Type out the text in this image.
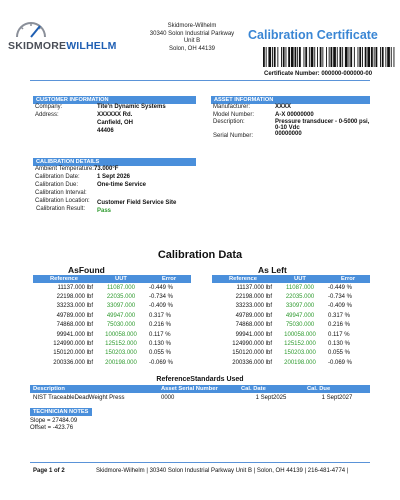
SKIDMOREWILHELM
Skidmore-Wilhelm
30340 Solon Industrial Parkway
Unit B
Solon, OH 44139
Calibration Certificate
Certificate Number: 000000-000000-00
CUSTOMER INFORMATION
Company:	Tite'n Dynamic Systems
Address:	XXXXXX Rd.
Canfield, OH
44406
ASSET INFORMATION
Manufacturer:	XXXX
Model Number:	A-X 00000000
Description:	Pressure transducer - 0-5000 psi,
0-10 Vdc
Serial Number:	00000000
CALIBRATION DETAILS
Ambient Temperature: 73.000°F
Calibration Date:	1 Sept 2026
Calibration Due:	One-time Service
Calibration Interval:
Calibration Location: Customer Field Service Site
Calibration Result: Pass
Calibration Data
AsFound	As Left
Reference	UUT	Error
11137.000 lbf	11087.000	-0.449 %
22198.000 lbf	22035.000	-0.734 %
33233.000 lbf	33097.000	-0.409 %
49789.000 lbf	49947.000	0.317 %
74868.000 lbf	75030.000	0.216 %
99941.000 lbf	100058.000	0.117 %
124990.000 lbf	125152.000	0.130 %
150120.000 lbf	150203.000	0.055 %
200336.000 lbf	200198.000	-0.069 %
Reference	UUT	Error
11137.000 lbf	11087.000	-0.449 %
22198.000 lbf	22035.000	-0.734 %
33233.000 lbf	33097.000	-0.409 %
49789.000 lbf	49947.000	0.317 %
74868.000 lbf	75030.000	0.216 %
99941.000 lbf	100058.000	0.117 %
124990.000 lbf	125152.000	0.130 %
150120.000 lbf	150203.000	0.055 %
200336.000 lbf	200198.000	-0.069 %
ReferenceStandards Used
Description	Asset Serial Number	Cal. Date	Cal. Due
NIST TraceableDeadWeight Press	0000	1 Sept2025	1 Sept2027
TECHNICIAN NOTES
Slope = 27484.09
Offset = -423.76
Page 1 of 2	Skidmore-Wilhelm | 30340 Solon Industrial Parkway Unit B | Solon, OH 44139 | 216-481-4774 |
